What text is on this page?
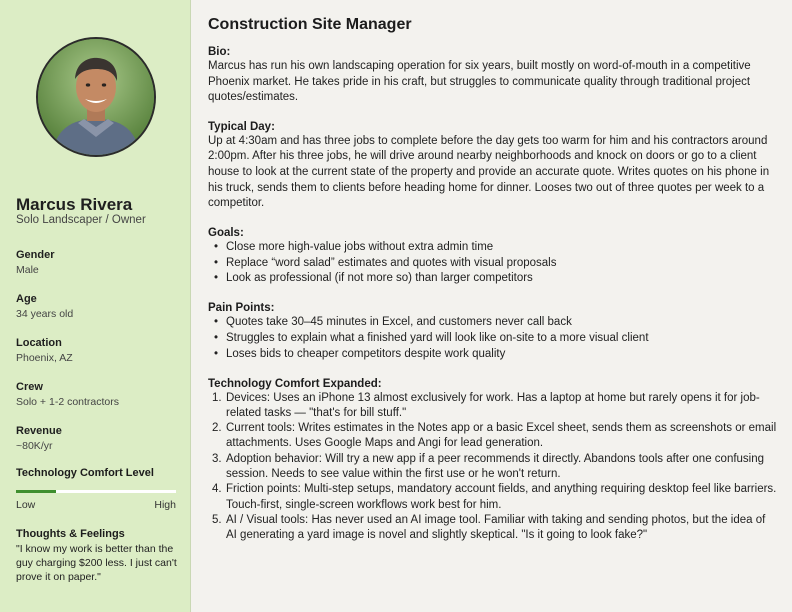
Marcus Rivera
Solo Landscaper / Owner
Gender
Male
Age
34 years old
Location
Phoenix, AZ
Crew
Solo + 1-2 contractors
Revenue
~80K/yr
Technology Comfort Level
Low	High
Thoughts & Feelings
"I know my work is better than the guy charging $200 less. I just can't prove it on paper."
Construction Site Manager
Bio:

Marcus has run his own landscaping operation for six years, built mostly on word-of-mouth in a competitive Phoenix market. He takes pride in his craft, but struggles to communicate quality through traditional project quotes/estimates.

Typical Day:

Up at 4:30am and has three jobs to complete before the day gets too warm for him and his contractors around 2:00pm. After his three jobs, he will drive around nearby neighborhoods and knock on doors or go to a client house to look at the current state of the property and provide an accurate quote. Writes quotes on his phone in his truck, sends them to clients before heading home for dinner. Looses two out of three quotes per week to a competitor.

Goals:
• Close more high-value jobs without extra admin time
• Replace “word salad” estimates and quotes with visual proposals
• Look as professional (if not more so) than larger competitors
Pain Points:
• Quotes take 30–45 minutes in Excel, and customers never call back
• Struggles to explain what a finished yard will look like on-site to a more visual client
• Loses bids to cheaper competitors despite work quality
Technology Comfort Expanded:
1. Devices: Uses an iPhone 13 almost exclusively for work. Has a laptop at home but rarely opens it for job-related tasks — "that's for bill stuff."
2. Current tools: Writes estimates in the Notes app or a basic Excel sheet, sends them as screenshots or email attachments. Uses Google Maps and Angi for lead generation.
3. Adoption behavior: Will try a new app if a peer recommends it directly. Abandons tools after one confusing session. Needs to see value within the first use or he won't return.
4. Friction points: Multi-step setups, mandatory account fields, and anything requiring desktop feel like barriers. Touch-first, single-screen workflows work best for him.
5. AI / Visual tools: Has never used an AI image tool. Familiar with taking and sending photos, but the idea of AI generating a yard image is novel and slightly skeptical. "Is it going to look fake?"
